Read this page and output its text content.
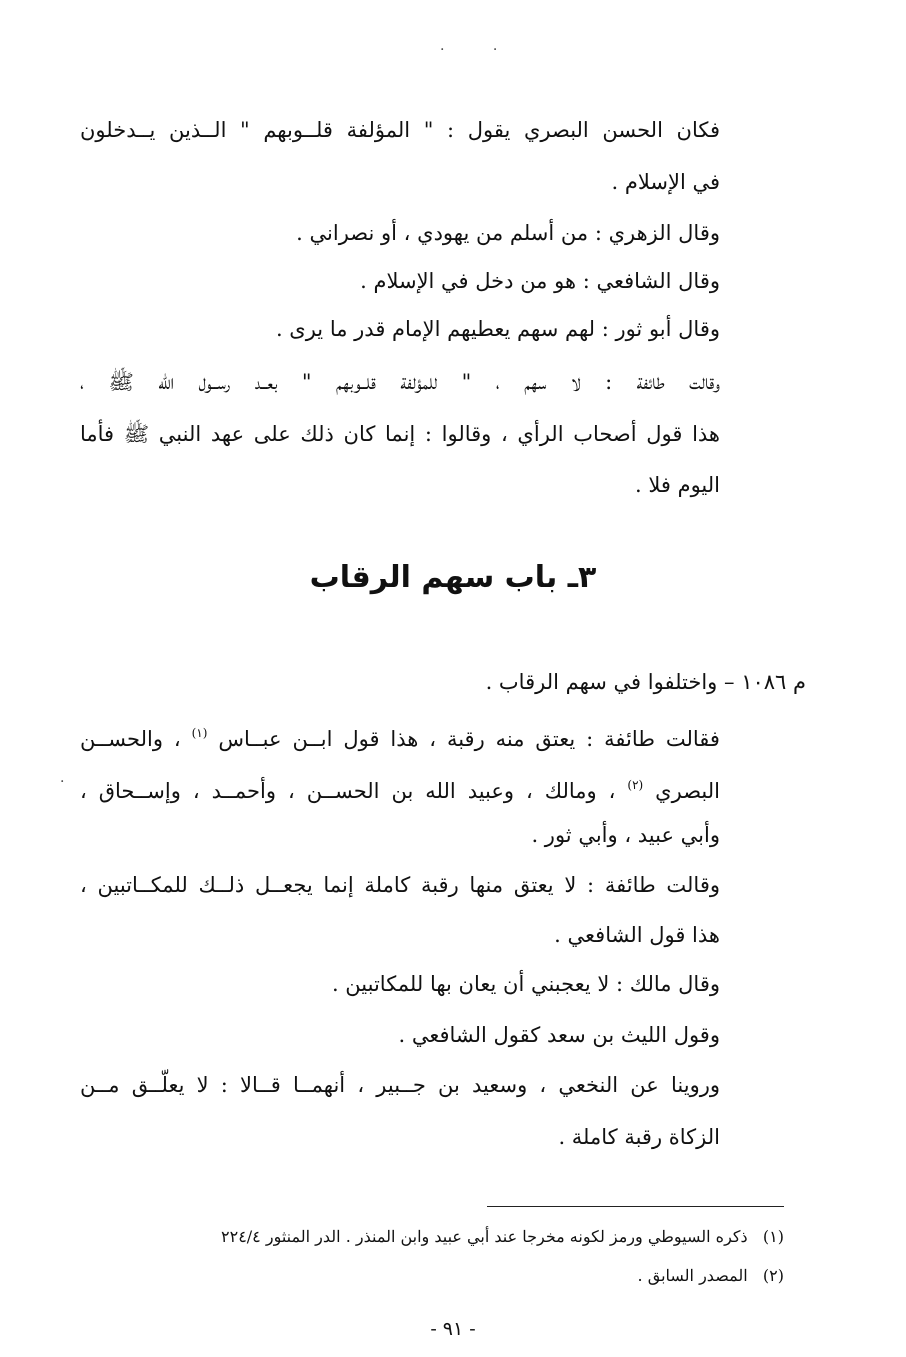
. .
فكان الحسن البصري يقول : " المؤلفة قلــوبهم " الــذين يــدخلون
في الإسلام .
وقال الزهري : من أسلم من يهودي ، أو نصراني .
وقال الشافعي : هو من دخل في الإسلام .
وقال أبو ثور : لهم سهم يعطيهم الإمام قدر ما يرى .
وقالت طائفة : لا سهم ، " للمؤلفة قلــوبهم " بعــد رســول الله ﷺ ،
هذا قول أصحاب الرأي ، وقالوا : إنما كان ذلك على عهد النبي ﷺ فأما
اليوم فلا .
٣ـ باب سهم الرقاب
م ١٠٨٦ – واختلفوا في سهم الرقاب .
فقالت طائفة : يعتق منه رقبة ، هذا قول ابــن عبــاس $^{(١)}$ ، والحســن
البصري $^{(٢)}$ ، ومالك ، وعبيد الله بن الحســن ، وأحمــد ، وإســحاق ،
·
وأبي عبيد ، وأبي ثور .
وقالت طائفة : لا يعتق منها رقبة كاملة إنما يجعــل ذلــك للمكــاتبين ،
هذا قول الشافعي .
وقال مالك : لا يعجبني أن يعان بها للمكاتبين .
وقول الليث بن سعد كقول الشافعي .
وروينا عن النخعي ، وسعيد بن جــبير ، أنهمــا قــالا : لا يعلّــق مــن
الزكاة رقبة كاملة .
(١)   ذكره السيوطي ورمز لكونه مخرجا عند أبي عبيد وابن المنذر . الدر المنثور ٢٢٤/٤
(٢)   المصدر السابق .
- ٩١ -
